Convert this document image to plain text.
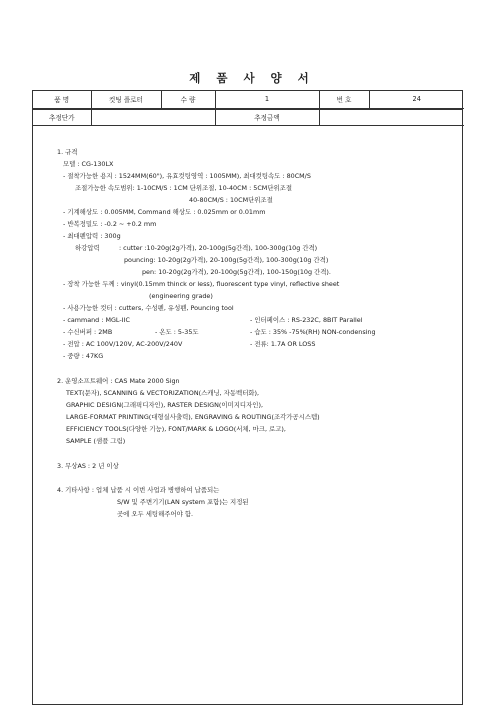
제 품 사 양 서
품 명	컷팅 플로터	수 량	1	번 호	24
추정단가			추정금액		
1. 규격
모델 : CG-130LX
- 절착가능한 용지 : 1524MM(60"), 유효컷팅영역 : 1005MM), 최대컷팅속도 : 80CM/S
조절가능한 속도범위: 1-10CM/S : 1CM 단위조절, 10-40CM : 5CM단위조절
40-80CM/S : 10CM단위조절
- 기계해상도 : 0.005MM, Command 해상도 : 0.025mm or 0.01mm
- 반복정밀도 : -0.2 ~ +0.2 mm
- 최대펜압력 : 300g
하강압력	: cutter :10-20g(2g가격), 20-100g(5g간격), 100-300g(10g 간격)
pouncing: 10-20g(2g가격), 20-100g(5g간격), 100-300g(10g 간격)
pen: 10-20g(2g가격), 20-100g(5g간격), 100-150g(10g 간격).
- 장착 가능한 두께 : vinyl(0.15mm thinck or less), fluorescent type vinyl, reflective sheet
(engineering grade)
- 사용가능한 컷터 : cutters, 수성펜, 유성펜, Pouncing tool
- cammand : MGL-IIC	- 인터페이스 : RS-232C, 8BIT Parallel
- 수신버퍼 : 2MB	- 온도 : 5-35도	- 습도 : 35% -75%(RH) NON-condensing
- 전압 : AC 100V/120V, AC-200V/240V	- 전류: 1.7A OR LOSS
- 중량 : 47KG
2. 운영소프트웨어 : CAS Mate 2000 Sign
TEXT(문자), SCANNING & VECTORIZATION(스캐닝, 자동벡터화),
GRAPHIC DESIGN(그래픽디자인), RASTER DESIGN(이미지디자인),
LARGE-FORMAT PRINTING(대형실사출력), ENGRAVING & ROUTING(조각가공시스템)
EFFICIENCY TOOLS(다양한 기능), FONT/MARK & LOGO(서체, 마크, 로고),
SAMPLE (샘플 그림)
3. 무상AS : 2 년 이상
4. 기타사항 : 업체 납품 시 이번 사업과 병행하여 납품되는
S/W 및 주변기기(LAN system 포함)는 지정된
곳에 오두 세팅해주어야 함.
